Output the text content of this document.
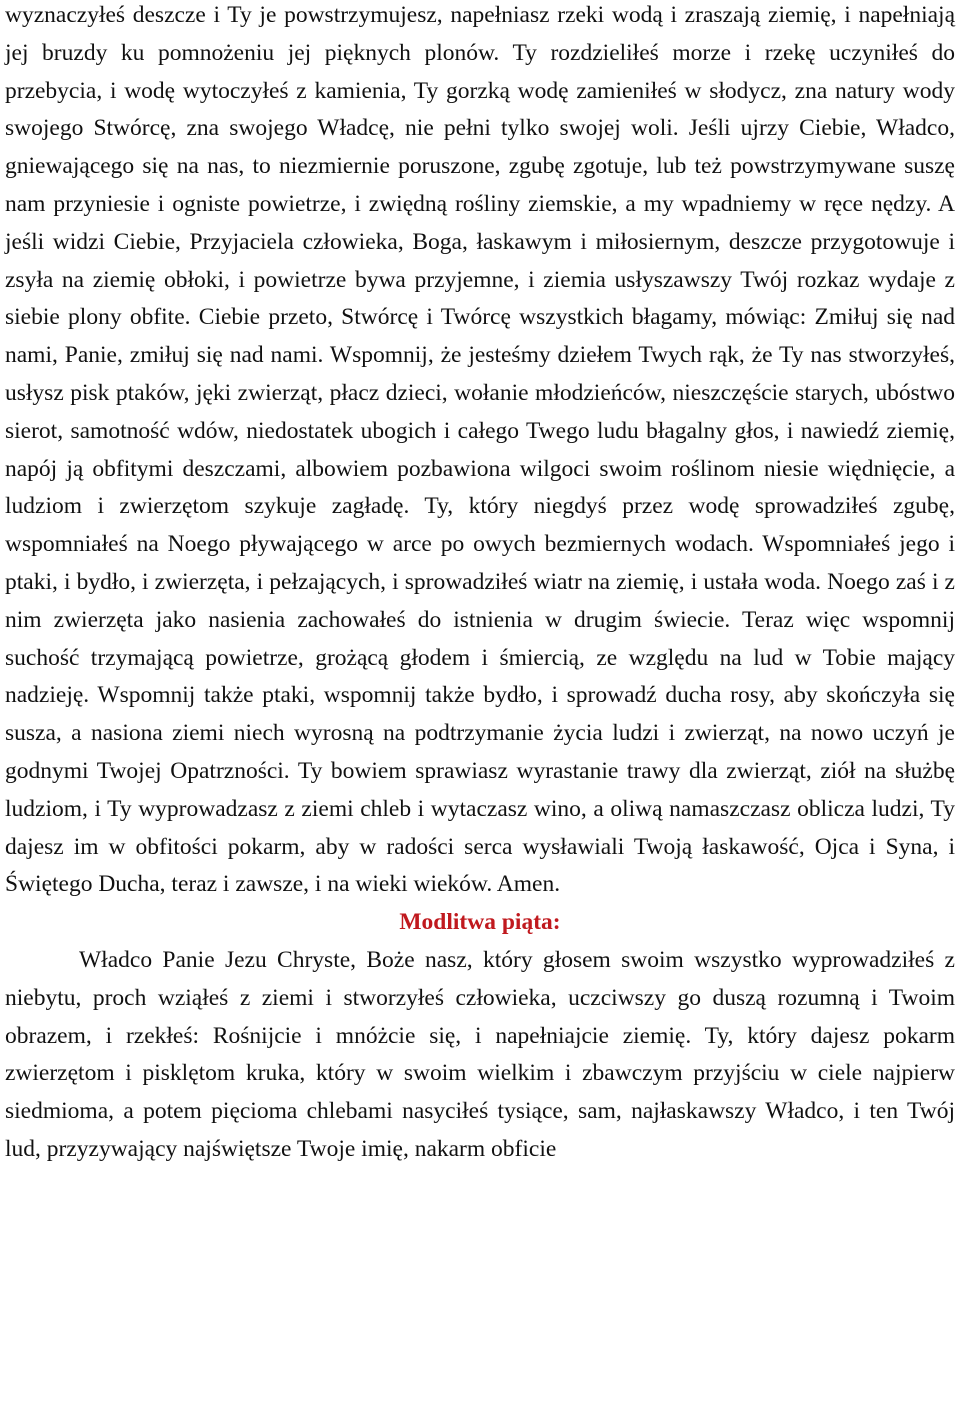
wyznaczyłeś deszcze i Ty je powstrzymujesz, napełniasz rzeki wodą i zraszają ziemię, i napełniają jej bruzdy ku pomnożeniu jej pięknych plonów. Ty rozdzieliłeś morze i rzekę uczyniłeś do przebycia, i wodę wytoczyłeś z kamienia, Ty gorzką wodę zamieniłeś w słodycz, zna natury wody swojego Stwórcę, zna swojego Władcę, nie pełni tylko swojej woli. Jeśli ujrzy Ciebie, Władco, gniewającego się na nas, to niezmiernie poruszone, zgubę zgotuje, lub też powstrzymywane suszę nam przyniesie i ogniste powietrze, i zwiędną rośliny ziemskie, a my wpadniemy w ręce nędzy. A jeśli widzi Ciebie, Przyjaciela człowieka, Boga, łaskawym i miłosiernym, deszcze przygotowuje i zsyła na ziemię obłoki, i powietrze bywa przyjemne, i ziemia usłyszawszy Twój rozkaz wydaje z siebie plony obfite. Ciebie przeto, Stwórcę i Twórcę wszystkich błagamy, mówiąc: Zmiłuj się nad nami, Panie, zmiłuj się nad nami. Wspomnij, że jesteśmy dziełem Twych rąk, że Ty nas stworzyłeś, usłysz pisk ptaków, jęki zwierząt, płacz dzieci, wołanie młodzieńców, nieszczęście starych, ubóstwo sierot, samotność wdów, niedostatek ubogich i całego Twego ludu błagalny głos, i nawiedź ziemię, napój ją obfitymi deszczami, albowiem pozbawiona wilgoci swoim roślinom niesie więdnięcie, a ludziom i zwierzętom szykuje zagładę. Ty, który niegdyś przez wodę sprowadziłeś zgubę, wspomniałeś na Noego pływającego w arce po owych bezmiernych wodach. Wspomniałeś jego i ptaki, i bydło, i zwierzęta, i pełzających, i sprowadziłeś wiatr na ziemię, i ustała woda. Noego zaś i z nim zwierzęta jako nasienia zachowałeś do istnienia w drugim świecie. Teraz więc wspomnij suchość trzymającą powietrze, grożącą głodem i śmiercią, ze względu na lud w Tobie mający nadzieję. Wspomnij także ptaki, wspomnij także bydło, i sprowadź ducha rosy, aby skończyła się susza, a nasiona ziemi niech wyrosną na podtrzymanie życia ludzi i zwierząt, na nowo uczyń je godnymi Twojej Opatrzności. Ty bowiem sprawiasz wyrastanie trawy dla zwierząt, ziół na służbę ludziom, i Ty wyprowadzasz z ziemi chleb i wytaczasz wino, a oliwą namaszczasz oblicza ludzi, Ty dajesz im w obfitości pokarm, aby w radości serca wysławiali Twoją łaskawość, Ojca i Syna, i Świętego Ducha, teraz i zawsze, i na wieki wieków. Amen.

Modlitwa piąta:

Władco Panie Jezu Chryste, Boże nasz, który głosem swoim wszystko wyprowadziłeś z niebytu, proch wziąłeś z ziemi i stworzyłeś człowieka, uczciwszy go duszą rozumną i Twoim obrazem, i rzekłeś: Rośnijcie i mnóżcie się, i napełniajcie ziemię. Ty, który dajesz pokarm zwierzętom i pisklętom kruka, który w swoim wielkim i zbawczym przyjściu w ciele najpierw siedmioma, a potem pięcioma chlebami nasyciłeś tysiące, sam, najłaskawszy Władco, i ten Twój lud, przyzywający najświętsze Twoje imię, nakarm obficie
